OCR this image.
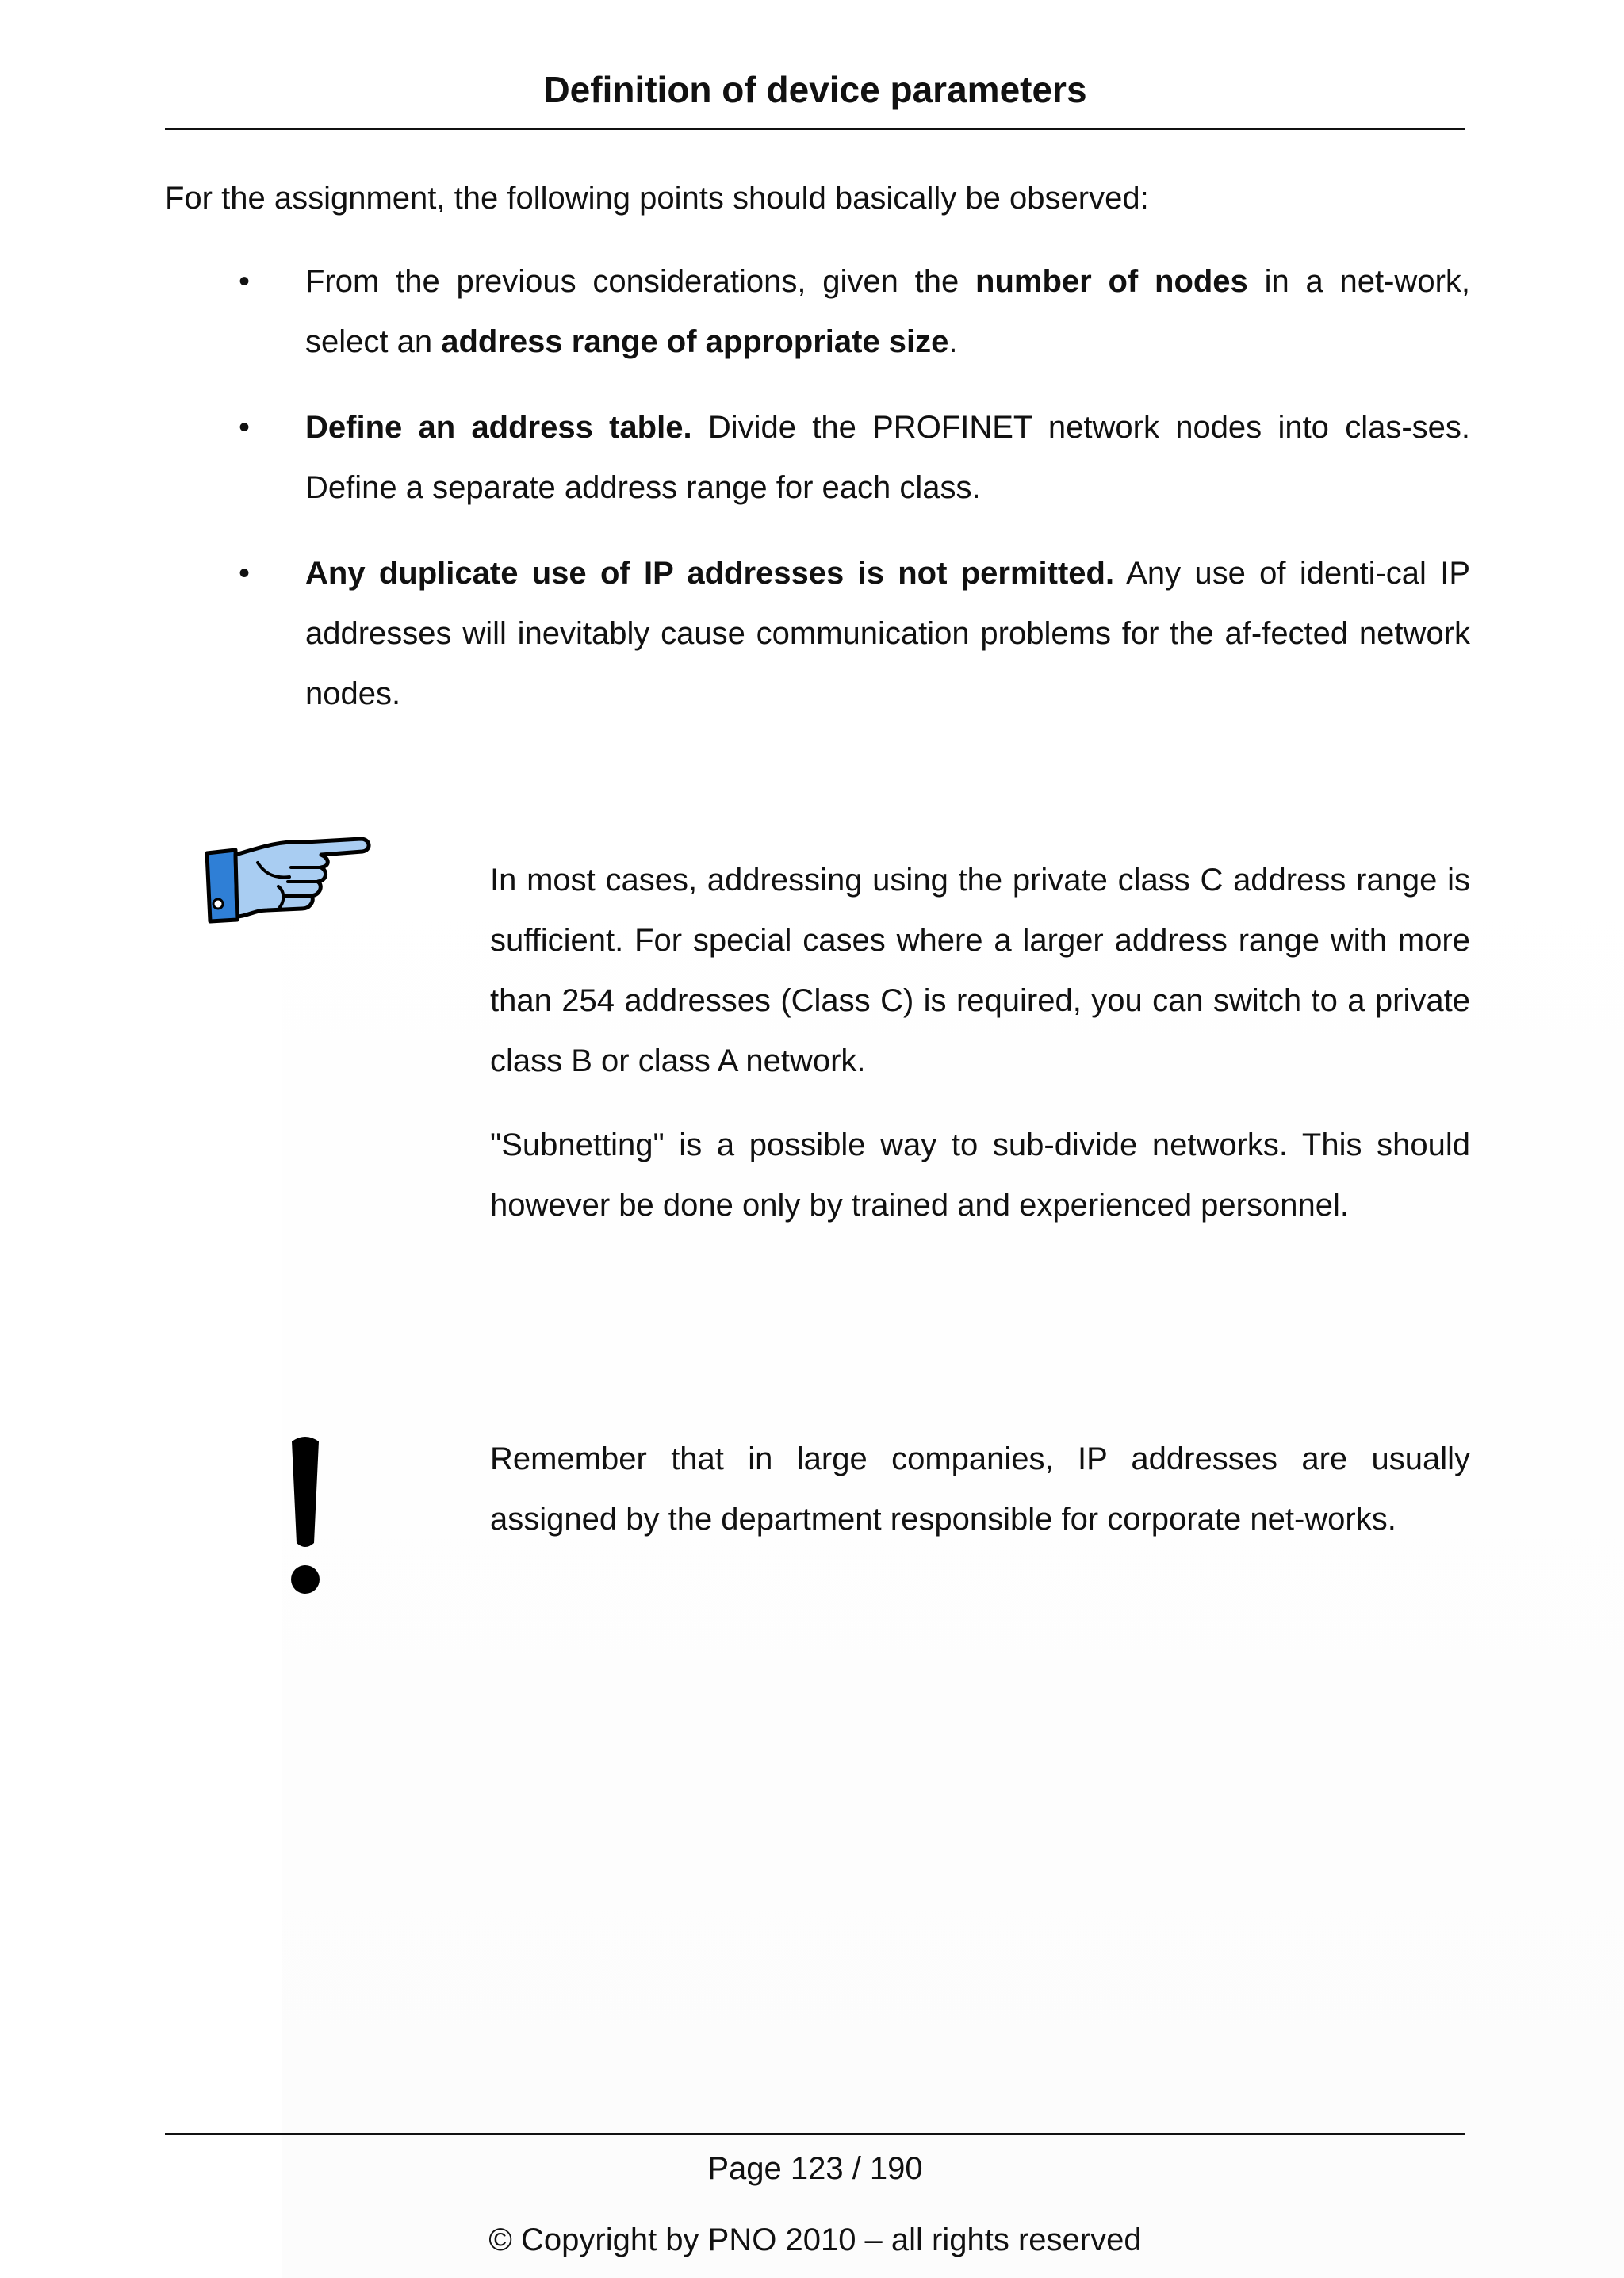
Definition of device parameters
For the assignment, the following points should basically be observed:
• From the previous considerations, given the number of nodes in a net-work, select an address range of appropriate size.
• Define an address table. Divide the PROFINET network nodes into clas-ses. Define a separate address range for each class.
• Any duplicate use of IP addresses is not permitted. Any use of identi-cal IP addresses will inevitably cause communication problems for the af-fected network nodes.

In most cases, addressing using the private class C address range is sufficient. For special cases where a larger address range with more than 254 addresses (Class C) is required, you can switch to a private class B or class A network.

"Subnetting" is a possible way to sub-divide networks. This should however be done only by trained and experienced personnel.

Remember that in large companies, IP addresses are usually assigned by the department responsible for corporate net-works.

Page 123 / 190
© Copyright by PNO 2010 – all rights reserved
